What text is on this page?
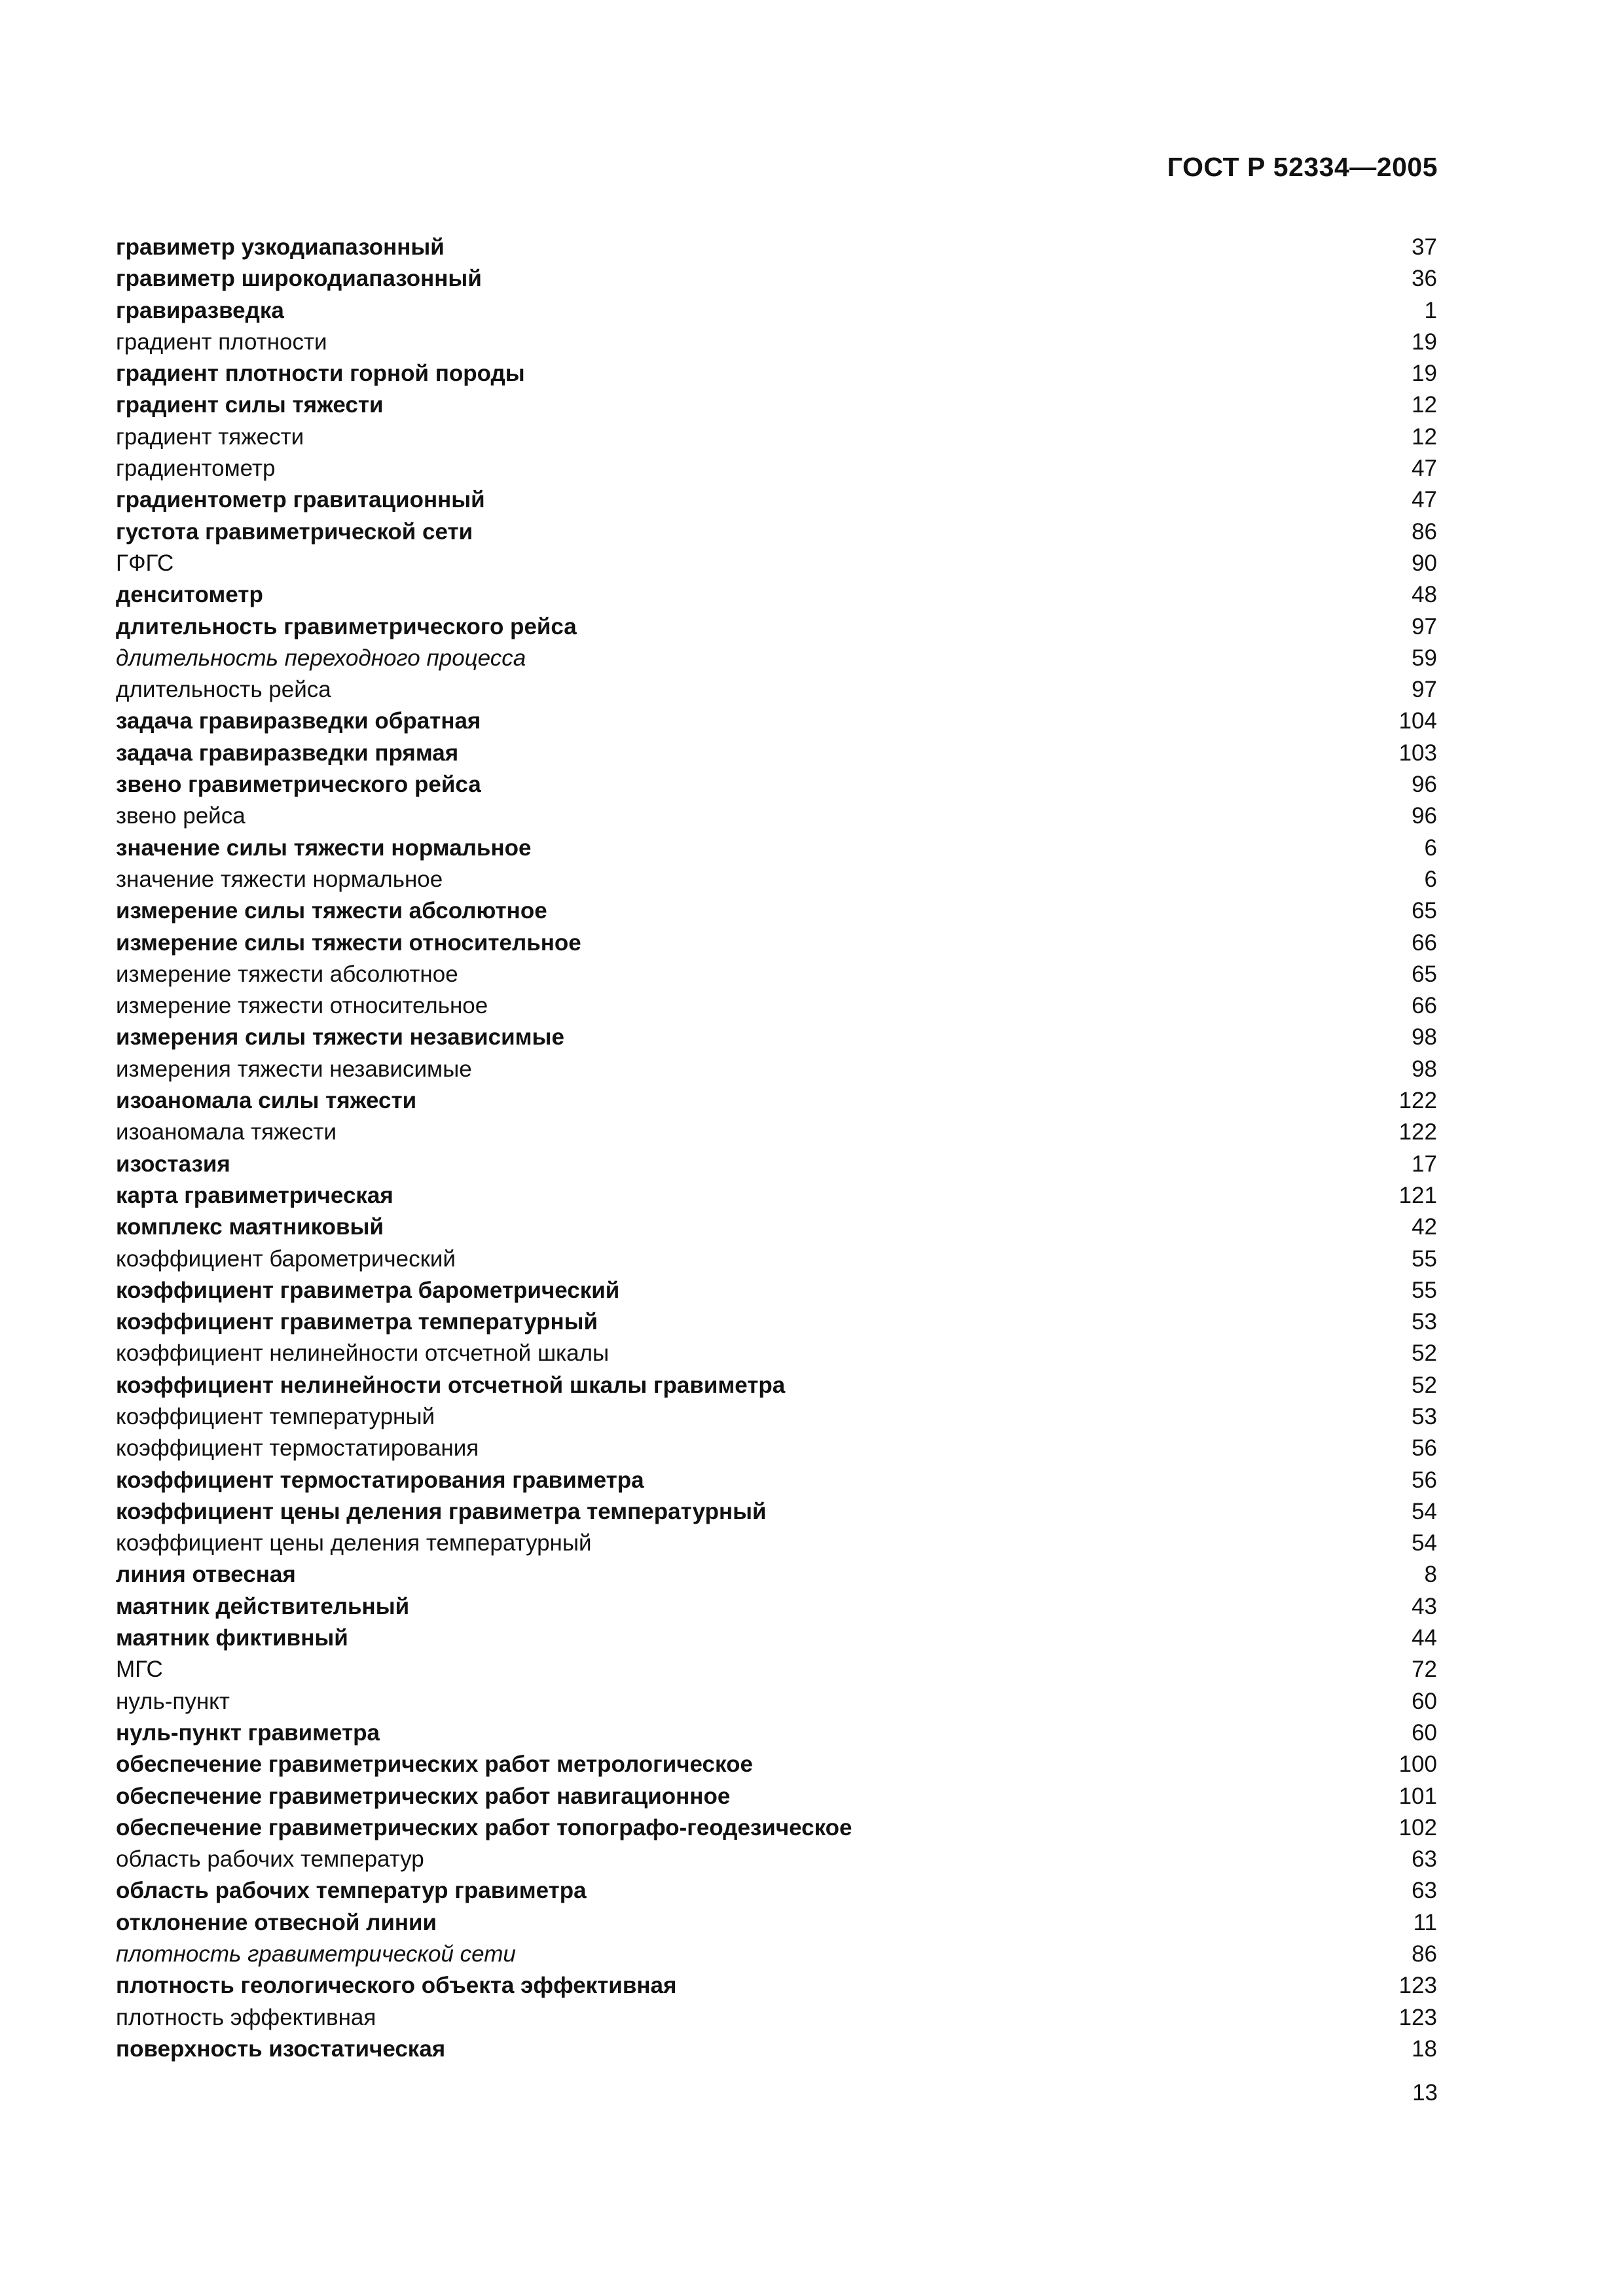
ГОСТ Р 52334—2005
гравиметр узкодиапазонный	37
гравиметр широкодиапазонный	36
гравиразведка	1
градиент плотности	19
градиент плотности горной породы	19
градиент силы тяжести	12
градиент тяжести	12
градиентометр	47
градиентометр гравитационный	47
густота гравиметрической сети	86
ГФГС	90
денситометр	48
длительность гравиметрического рейса	97
длительность переходного процесса	59
длительность рейса	97
задача гравиразведки обратная	104
задача гравиразведки прямая	103
звено гравиметрического рейса	96
звено рейса	96
значение силы тяжести нормальное	6
значение тяжести нормальное	6
измерение силы тяжести абсолютное	65
измерение силы тяжести относительное	66
измерение тяжести абсолютное	65
измерение тяжести относительное	66
измерения силы тяжести независимые	98
измерения тяжести независимые	98
изоаномала силы тяжести	122
изоаномала тяжести	122
изостазия	17
карта гравиметрическая	121
комплекс маятниковый	42
коэффициент барометрический	55
коэффициент гравиметра барометрический	55
коэффициент гравиметра температурный	53
коэффициент нелинейности отсчетной шкалы	52
коэффициент нелинейности отсчетной шкалы гравиметра	52
коэффициент температурный	53
коэффициент термостатирования	56
коэффициент термостатирования гравиметра	56
коэффициент цены деления гравиметра температурный	54
коэффициент цены деления температурный	54
линия отвесная	8
маятник действительный	43
маятник фиктивный	44
МГС	72
нуль-пункт	60
нуль-пункт гравиметра	60
обеспечение гравиметрических работ метрологическое	100
обеспечение гравиметрических работ навигационное	101
обеспечение гравиметрических работ топографо-геодезическое	102
область рабочих температур	63
область рабочих температур гравиметра	63
отклонение отвесной линии	11
плотность гравиметрической сети	86
плотность геологического объекта эффективная	123
плотность эффективная	123
поверхность изостатическая	18
13
